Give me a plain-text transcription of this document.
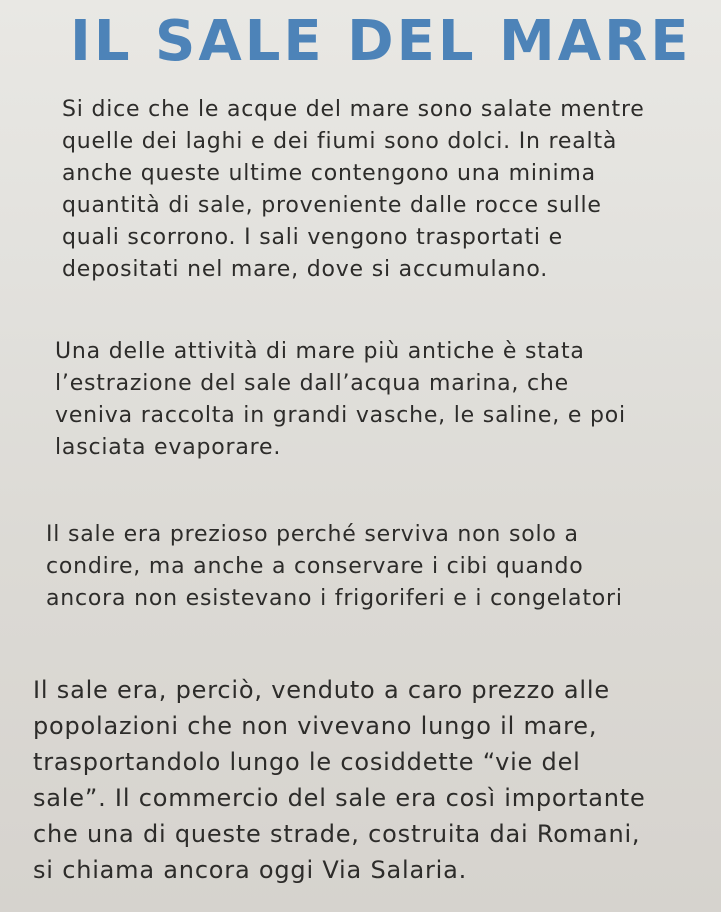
IL SALE DEL MARE

Si dice che le acque del mare sono salate mentre
quelle dei laghi e dei fiumi sono dolci. In realtà
anche queste ultime contengono una minima
quantità di sale, proveniente dalle rocce sulle
quali scorrono. I sali vengono trasportati e
depositati nel mare, dove si accumulano.

Una delle attività di mare più antiche è stata
l’estrazione del sale dall’acqua marina, che
veniva raccolta in grandi vasche, le saline, e poi
lasciata evaporare.

Il sale era prezioso perché serviva non solo a
condire, ma anche a conservare i cibi quando
ancora non esistevano i frigoriferi e i congelatori

Il sale era, perciò, venduto a caro prezzo alle
popolazioni che non vivevano lungo il mare,
trasportandolo lungo le cosiddette “vie del
sale”. Il commercio del sale era così importante
che una di queste strade, costruita dai Romani,
si chiama ancora oggi Via Salaria.
